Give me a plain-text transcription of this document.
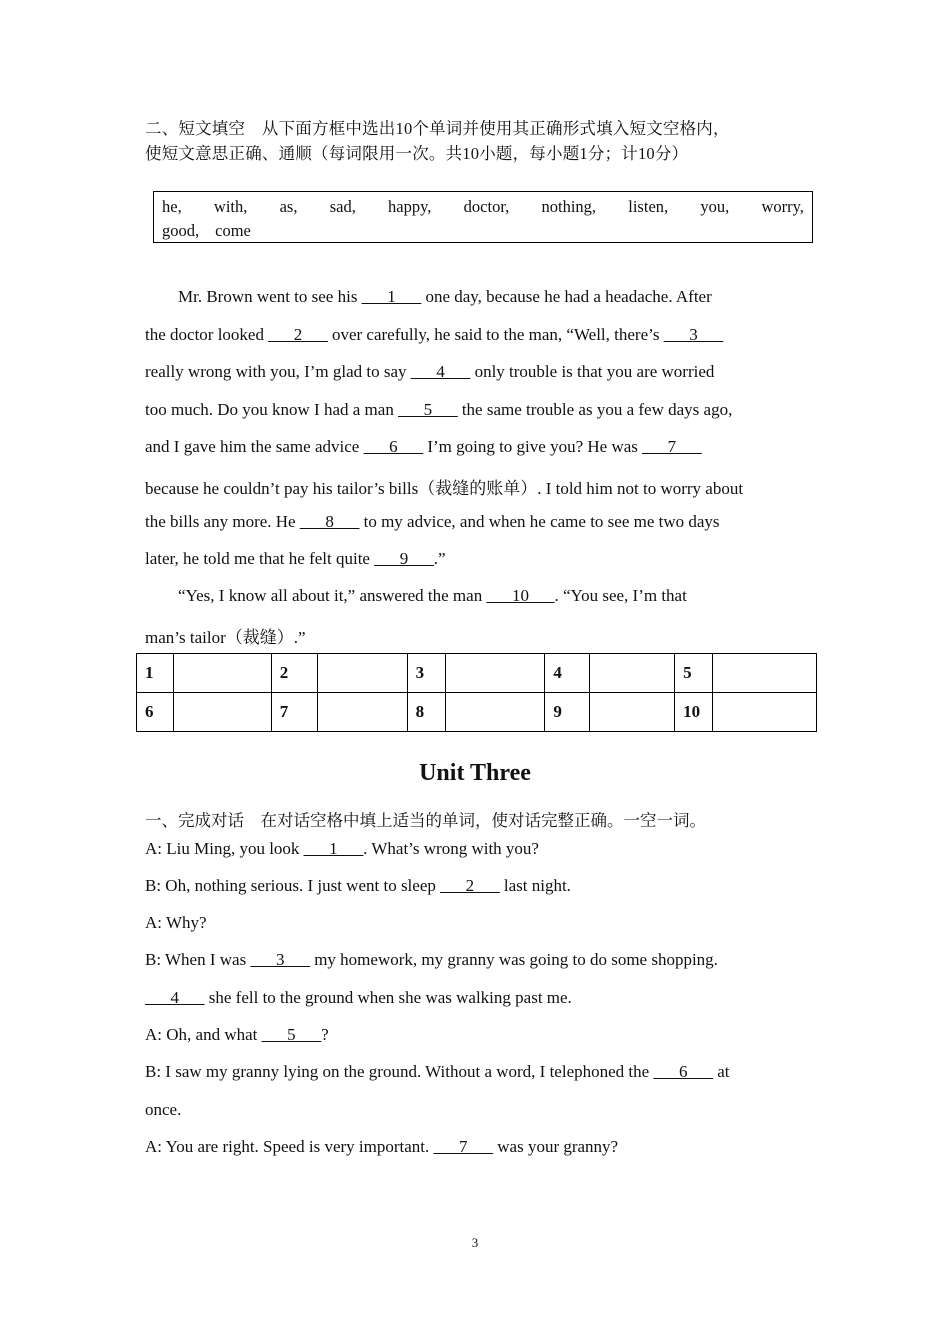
二、短文填空　从下面方框中选出10个单词并使用其正确形式填入短文空格内，
使短文意思正确、通顺（每词限用一次。共10小题，每小题1分；计10分）
he, with, as, sad, happy, doctor, nothing, listen, you, worry,
good, come
Mr. Brown went to see his ___1___ one day, because he had a headache. After
the doctor looked ___2___ over carefully, he said to the man, “Well, there’s ___3___
really wrong with you, I’m glad to say ___4___ only trouble is that you are worried
too much. Do you know I had a man ___5___ the same trouble as you a few days ago,
and I gave him the same advice ___6___ I’m going to give you? He was ___7___
because he couldn’t pay his tailor’s bills（裁缝的账单）. I told him not to worry about
the bills any more. He ___8___ to my advice, and when he came to see me two days
later, he told me that he felt quite ___9___.”
“Yes, I know all about it,” answered the man ___10___. “You see, I’m that
man’s tailor（裁缝）.”
1		2		3		4		5	
6		7		8		9		10	
Unit Three
一、完成对话　在对话空格中填上适当的单词，使对话完整正确。一空一词。
A: Liu Ming, you look ___1___. What’s wrong with you?
B: Oh, nothing serious. I just went to sleep ___2___ last night.
A: Why?
B: When I was ___3___ my homework, my granny was going to do some shopping.
___4___ she fell to the ground when she was walking past me.
A: Oh, and what ___5___?
B: I saw my granny lying on the ground. Without a word, I telephoned the ___6___ at
once.
A: You are right. Speed is very important. ___7___ was your granny?
3
